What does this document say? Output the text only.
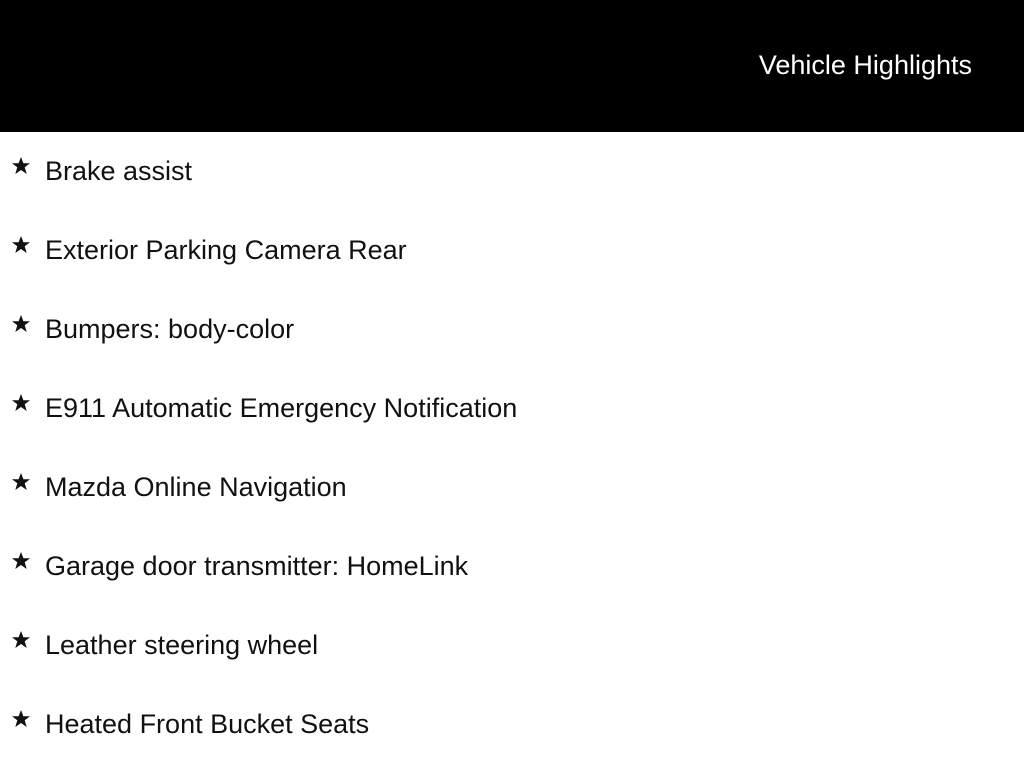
Vehicle Highlights
Brake assist
Exterior Parking Camera Rear
Bumpers: body-color
E911 Automatic Emergency Notification
Mazda Online Navigation
Garage door transmitter: HomeLink
Leather steering wheel
Heated Front Bucket Seats
